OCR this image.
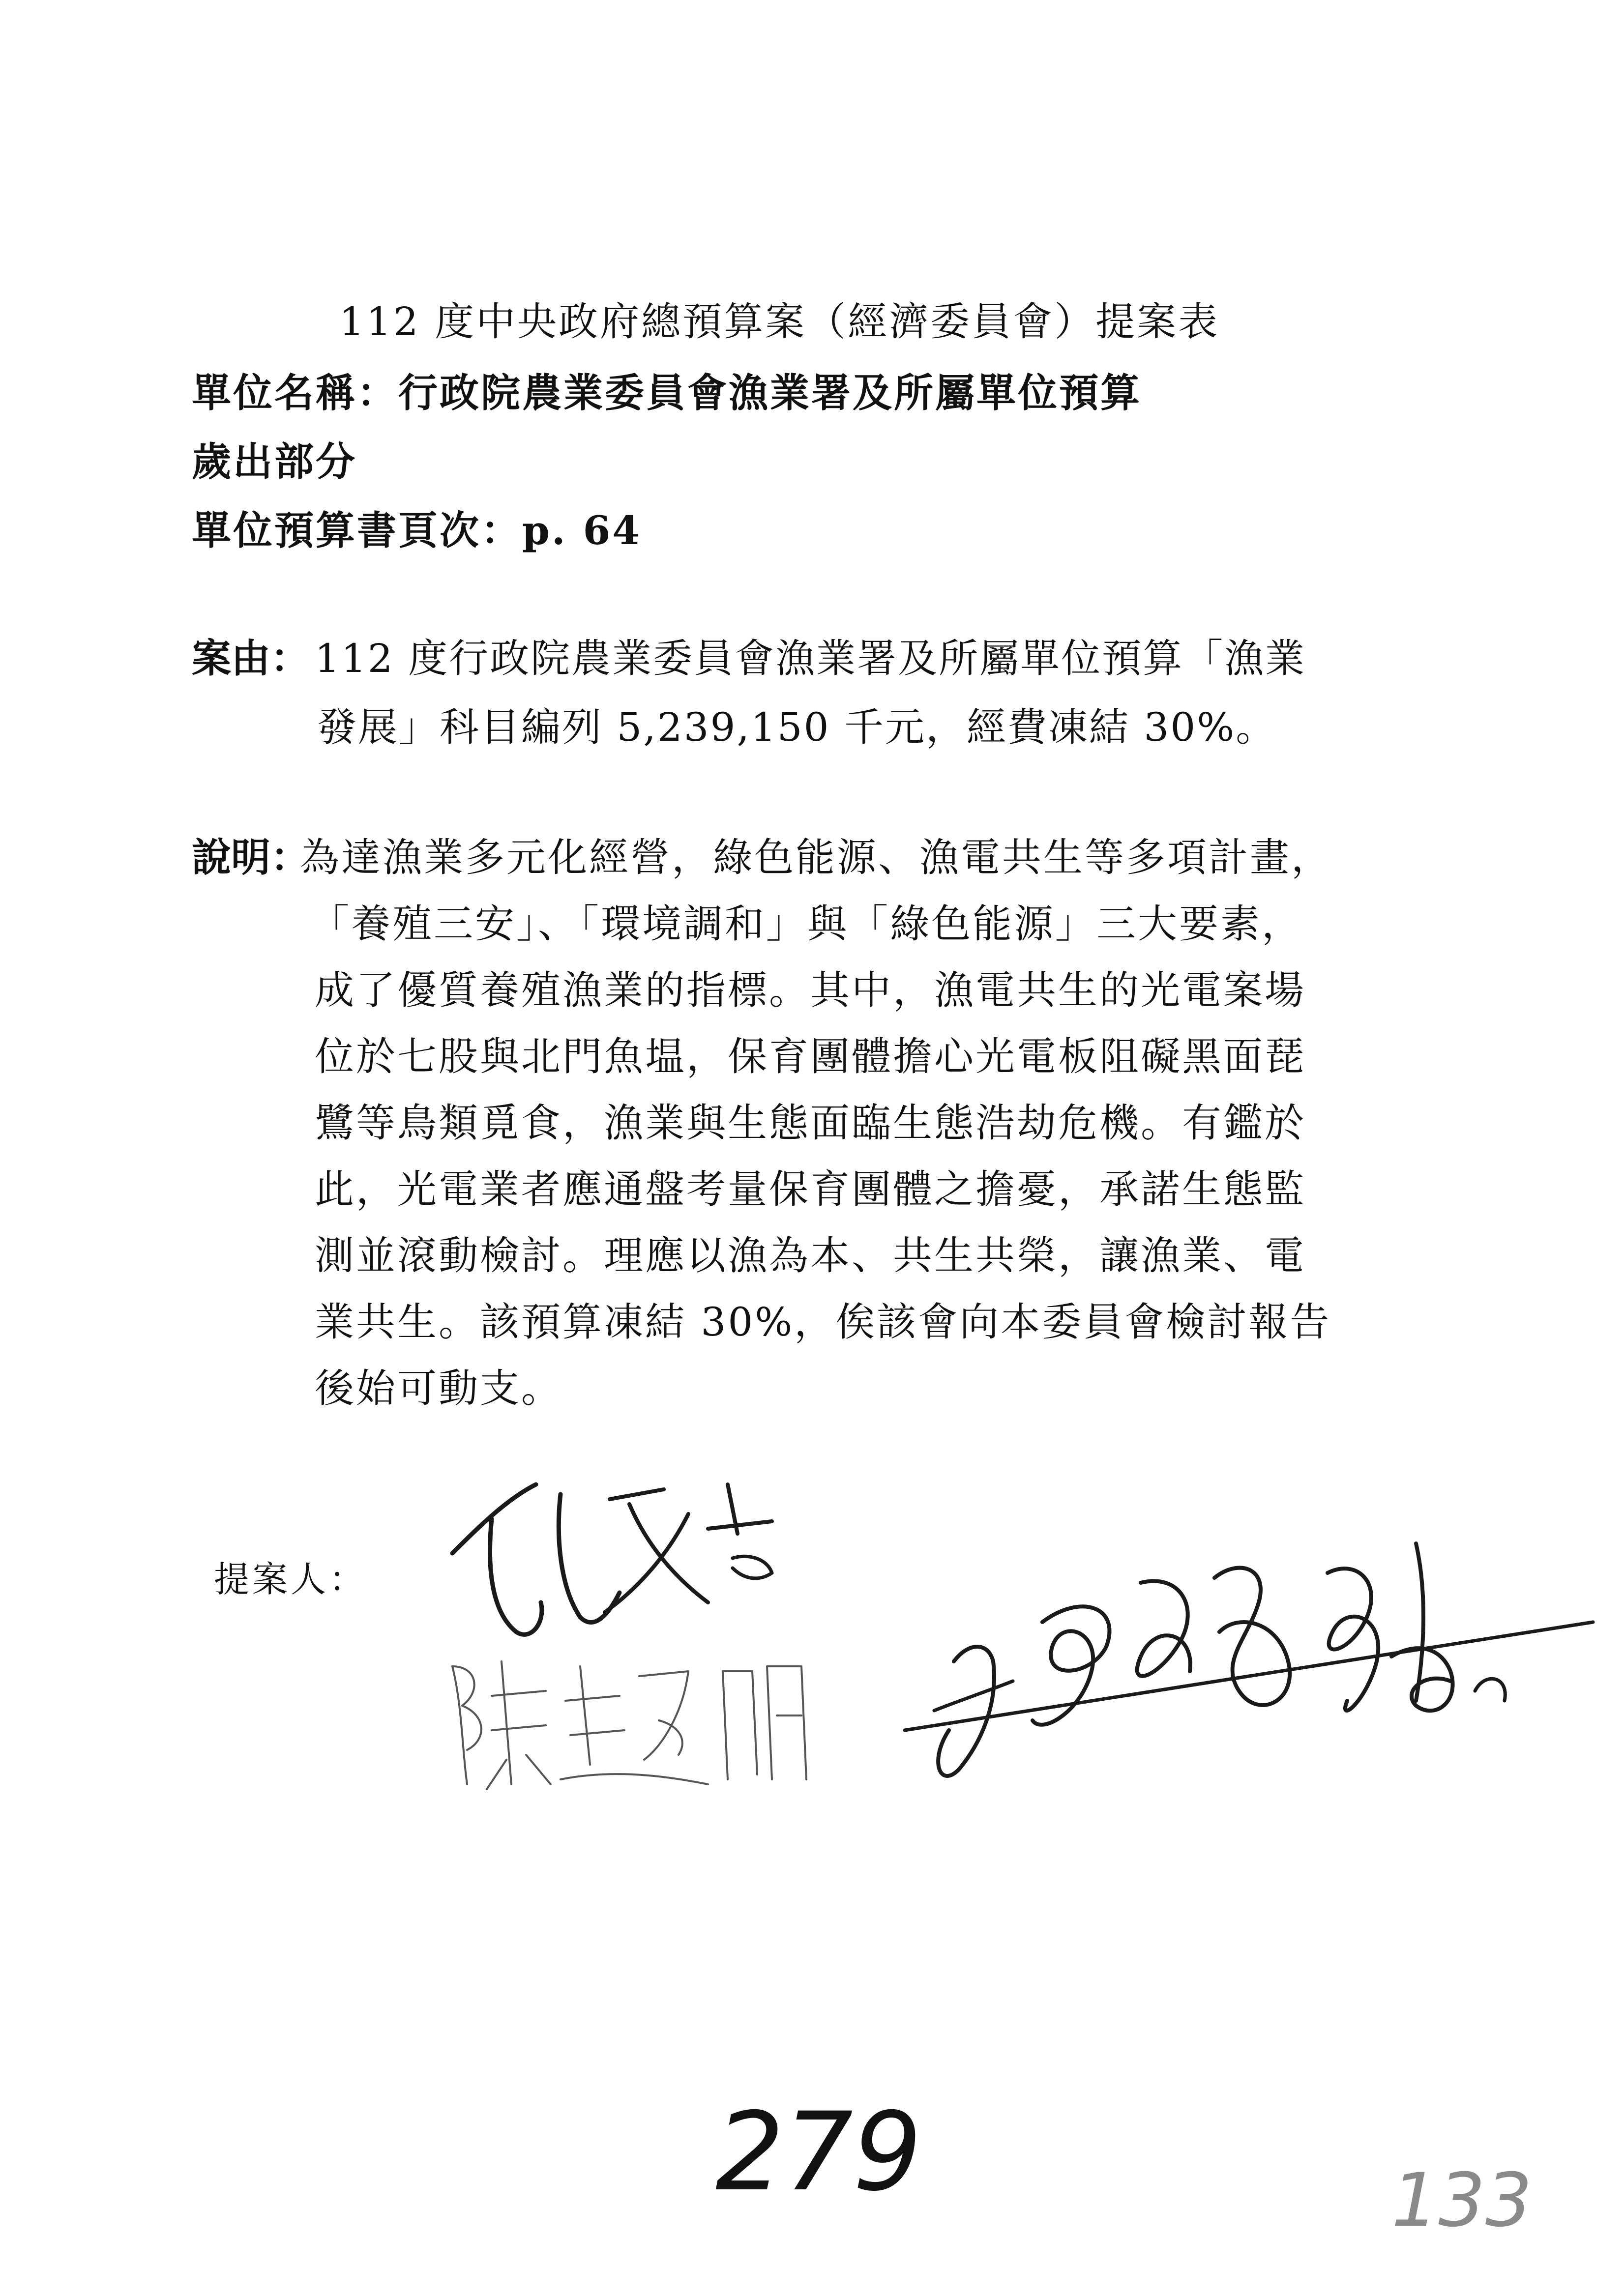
112 度中央政府總預算案（經濟委員會）提案表
單位名稱：行政院農業委員會漁業署及所屬單位預算
歲出部分
單位預算書頁次：p. 64
案由： 112 度行政院農業委員會漁業署及所屬單位預算「漁業
發展」科目編列 5,239,150 千元，經費凍結 30%。
說明：
為達漁業多元化經營，綠色能源、漁電共生等多項計畫，
「養殖三安」、「環境調和」與「綠色能源」三大要素，
成了優質養殖漁業的指標。其中，漁電共生的光電案場
位於七股與北門魚塭，保育團體擔心光電板阻礙黑面琵
鷺等鳥類覓食，漁業與生態面臨生態浩劫危機。有鑑於
此，光電業者應通盤考量保育團體之擔憂，承諾生態監
測並滾動檢討。理應以漁為本、共生共榮，讓漁業、電
業共生。該預算凍結 30%，俟該會向本委員會檢討報告
後始可動支。
提案人：
279	133
